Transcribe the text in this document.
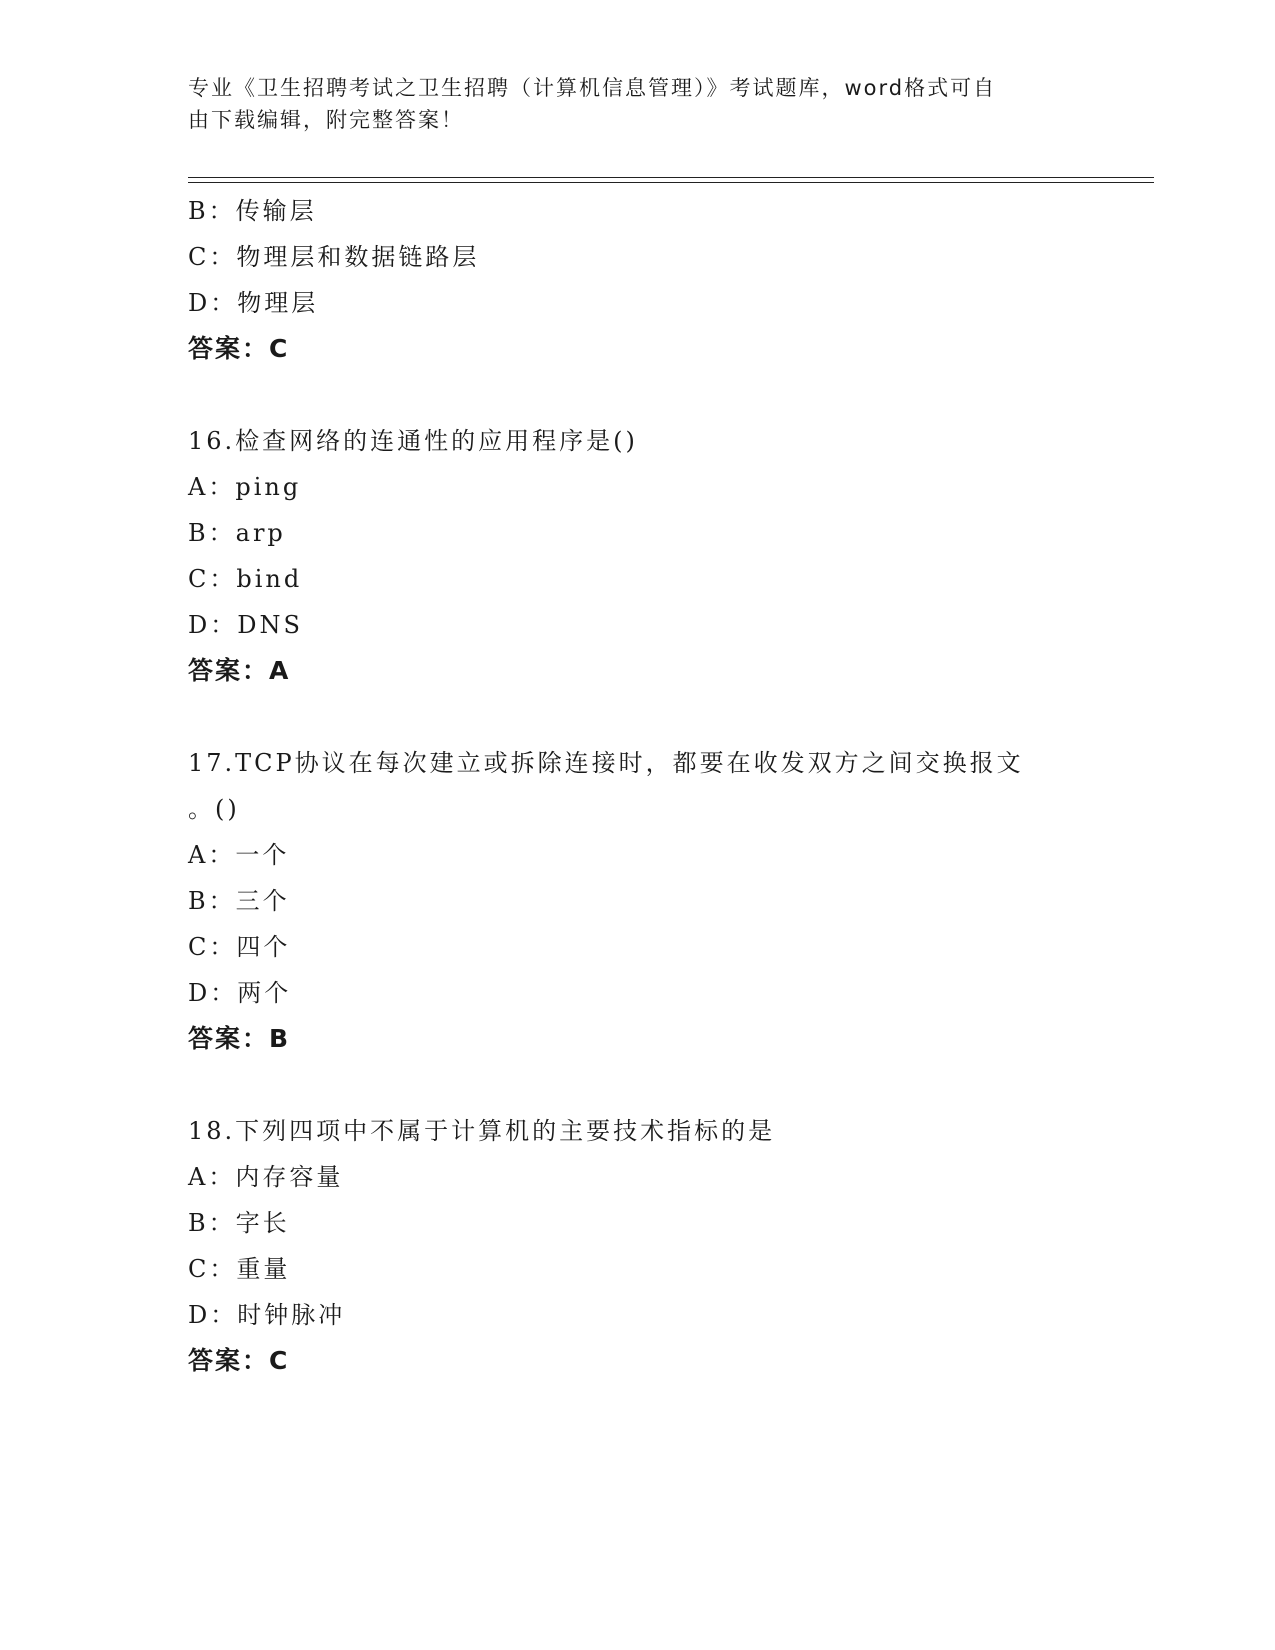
专业《卫生招聘考试之卫生招聘（计算机信息管理）》考试题库，word格式可自
由下载编辑，附完整答案！
B：传输层
C：物理层和数据链路层
D：物理层
答案：C
16.检查网络的连通性的应用程序是()
A：ping
B：arp
C：bind
D：DNS
答案：A
17.TCP协议在每次建立或拆除连接时，都要在收发双方之间交换报文
。()
A：一个
B：三个
C：四个
D：两个
答案：B
18.下列四项中不属于计算机的主要技术指标的是
A：内存容量
B：字长
C：重量
D：时钟脉冲
答案：C
